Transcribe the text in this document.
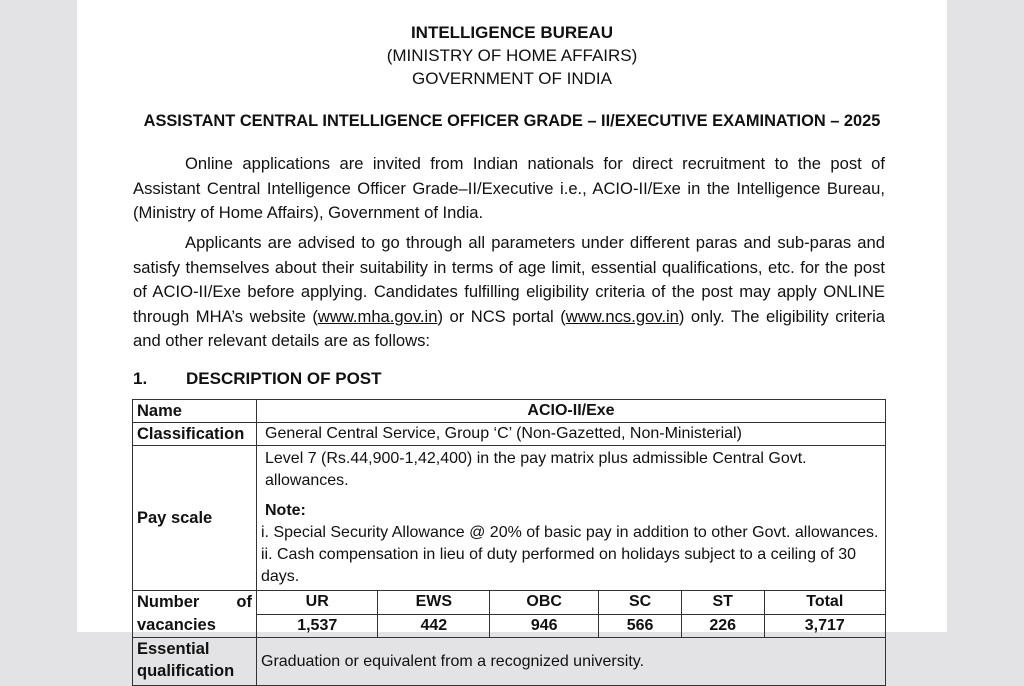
INTELLIGENCE BUREAU
(MINISTRY OF HOME AFFAIRS)
GOVERNMENT OF INDIA
ASSISTANT CENTRAL INTELLIGENCE OFFICER GRADE – II/EXECUTIVE EXAMINATION – 2025

Online applications are invited from Indian nationals for direct recruitment to the post of Assistant Central Intelligence Officer Grade–II/Executive i.e., ACIO-II/Exe in the Intelligence Bureau, (Ministry of Home Affairs), Government of India.

Applicants are advised to go through all parameters under different paras and sub-paras and satisfy themselves about their suitability in terms of age limit, essential qualifications, etc. for the post of ACIO-II/Exe before applying. Candidates fulfilling eligibility criteria of the post may apply ONLINE through MHA’s website (www.mha.gov.in) or NCS portal (www.ncs.gov.in) only. The eligibility criteria and other relevant details are as follows:

1. DESCRIPTION OF POST
Name	ACIO-II/Exe
Classification	General Central Service, Group ‘C’ (Non-Gazetted, Non-Ministerial)
Pay scale	
Level 7 (Rs.44,900-1,42,400) in the pay matrix plus admissible Central Govt. allowances.
Note:
i. Special Security Allowance @ 20% of basic pay in addition to other Govt. allowances.
ii. Cash compensation in lieu of duty performed on holidays subject to a ceiling of 30 days.

Number of
vacancies

UR	EWS	OBC	SC	ST	Total
1,537	442	946	566	226	3,717

Essential qualification	Graduation or equivalent from a recognized university.
